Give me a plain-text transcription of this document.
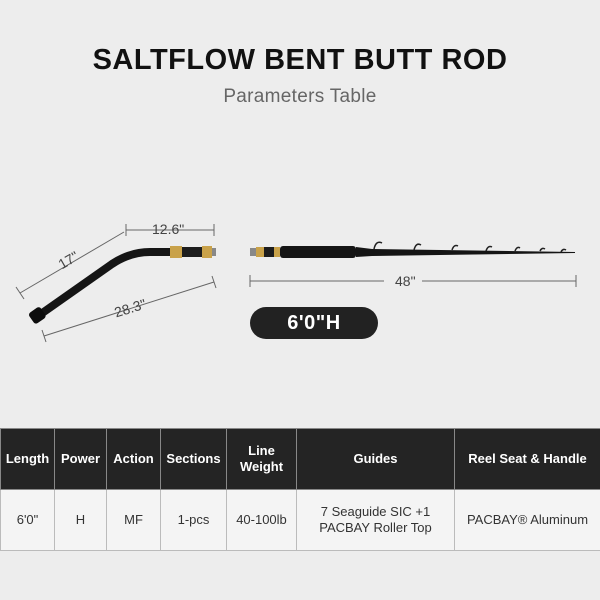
SALTFLOW BENT BUTT ROD
Parameters Table
12.6"
17"
28.3"
48"
6'0"H
Length	Power	Action	Sections	Line Weight	Guides	Reel Seat & Handle
6'0"	H	MF	1-pcs	40-100lb	7 Seaguide SIC +1 PACBAY Roller Top	PACBAY® Aluminum
